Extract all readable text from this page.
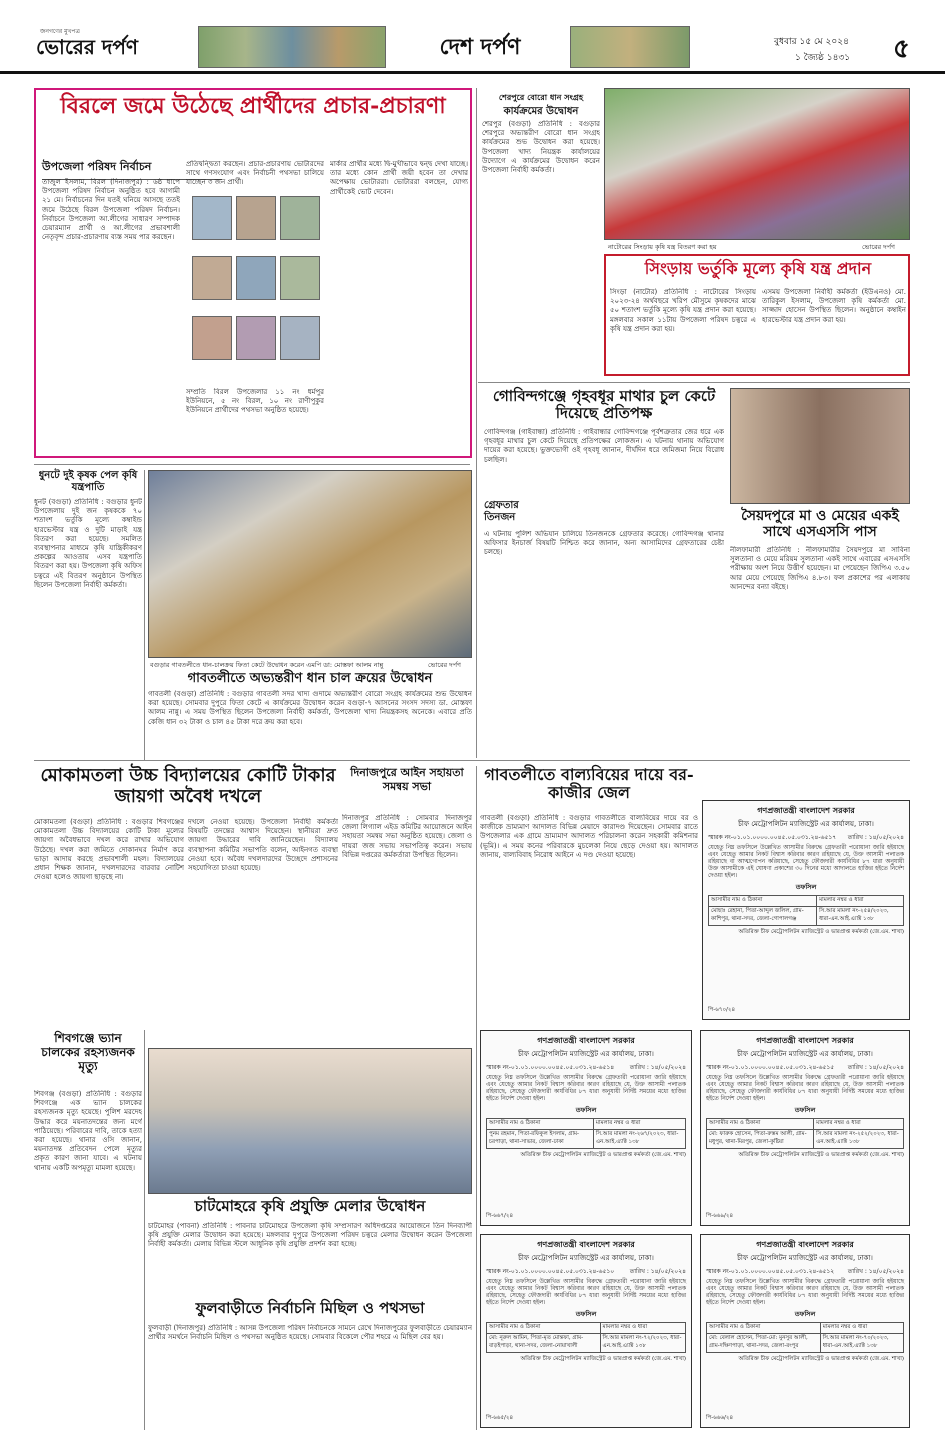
জনগণের মুখপত্র
ভোরের দর্পণ	দেশ দর্পণ	বুধবার ১৫ মে ২০২৪
১ জ্যৈষ্ঠ ১৪৩১ ৫
বিরলে জমে উঠেছে প্রার্থীদের প্রচার-প্রচারণা
উপজেলা পরিষদ নির্বাচন
তাজুল ইসলাম, বিরল (দিনাজপুর) : ৬ষ্ঠ ধাপে উপজেলা পরিষদ নির্বাচন অনুষ্ঠিত হবে আগামী ২১ মে। নির্বাচনের দিন যতই ঘনিয়ে আসছে ততই জমে উঠেছে বিরল উপজেলা পরিষদ নির্বাচন। নির্বাচনে উপজেলা আ.লীগের সাধারণ সম্পাদক চেয়ারম্যান প্রার্থী ও আ.লীগের প্রভাবশালী নেতৃবৃন্দ প্রচার-প্রচারণায় ব্যস্ত সময় পার করছেন।
প্রতিদ্বন্দ্বিতা করছেন। প্রচার-প্রচারণায় ভোটারদের সাথে গণসংযোগ এবং নির্বাচনী পথসভা চালিয়ে যাচ্ছেন ৩ জন প্রার্থী।
সম্প্রতি বিরল উপজেলার ১১ নং ধর্মপুর ইউনিয়নে, ৫ নং বিরল, ১০ নং রাণীপুকুর ইউনিয়নে প্রার্থীদের পথসভা অনুষ্ঠিত হয়েছে।
মার্কার প্রার্থীর মধ্যে দ্বি-মুখীভাবে দ্বন্দ্ব দেখা যাচ্ছে। তার মধ্যে কোন প্রার্থী জয়ী হবেন তা দেখার অপেক্ষায় ভোটাররা। ভোটাররা বলছেন, যোগ্য প্রার্থীকেই ভোট দেবেন।
শেরপুরে বোরো ধান সংগ্রহ
কার্যক্রমের উদ্বোধন
শেরপুর (বগুড়া) প্রতিনিধি : বগুড়ার শেরপুরে অভ্যন্তরীণ বোরো ধান সংগ্রহ কার্যক্রমের শুভ উদ্বোধন করা হয়েছে। উপজেলা খাদ্য নিয়ন্ত্রক কার্যালয়ের উদ্যোগে এ কার্যক্রমের উদ্বোধন করেন উপজেলা নির্বাহী কর্মকর্তা।
নাটোরের সিংড়ায় কৃষি যন্ত্র বিতরণ করা হয়	ভোরের দর্পণ
সিংড়ায় ভর্তুকি মূল্যে কৃষি যন্ত্র প্রদান
সিংড়া (নাটোর) প্রতিনিধি : নাটোরের সিংড়ায় ২০২৩-২৪ অর্থবছরে খরিপ মৌসুমে কৃষকদের মাঝে ৫০ শতাংশ ভর্তুকি মূল্যে কৃষি যন্ত্র প্রদান করা হয়েছে। মঙ্গলবার সকাল ১১টায় উপজেলা পরিষদ চত্বরে এ কৃষি যন্ত্র প্রদান করা হয়।
এসময় উপজেলা নির্বাহী কর্মকর্তা (ইউএনও) মো. তারিকুল ইসলাম, উপজেলা কৃষি কর্মকর্তা মো. সাজ্জাদ হোসেন উপস্থিত ছিলেন। অনুষ্ঠানে কম্বাইন হারভেস্টার যন্ত্র প্রদান করা হয়।
গোবিন্দগঞ্জে গৃহবধূর মাথার চুল কেটে দিয়েছে প্রতিপক্ষ
গোবিন্দগঞ্জ (গাইবান্ধা) প্রতিনিধি : গাইবান্ধার গোবিন্দগঞ্জে পূর্বশত্রুতার জের ধরে এক গৃহবধূর মাথার চুল কেটে দিয়েছে প্রতিপক্ষের লোকজন। এ ঘটনায় থানায় অভিযোগ দায়ের করা হয়েছে। ভুক্তভোগী ওই গৃহবধূ জানান, দীর্ঘদিন ধরে জমিজমা নিয়ে বিরোধ চলছিল।
গ্রেফতার তিনজন
এ ঘটনায় পুলিশ অভিযান চালিয়ে তিনজনকে গ্রেফতার করেছে। গোবিন্দগঞ্জ থানার অফিসার ইনচার্জ বিষয়টি নিশ্চিত করে জানান, অন্য আসামিদের গ্রেফতারের চেষ্টা চলছে।
সৈয়দপুরে মা ও মেয়ের একই সাথে এসএসসি পাস
নীলফামারী প্রতিনিধি : নীলফামারীর সৈয়দপুরে মা সাবিনা সুলতানা ও মেয়ে মরিয়ম সুলতানা একই সাথে এবারের এসএসসি পরীক্ষায় অংশ নিয়ে উত্তীর্ণ হয়েছেন। মা পেয়েছেন জিপিএ ৩.৫০ আর মেয়ে পেয়েছে জিপিএ ৪.৮৩। ফল প্রকাশের পর এলাকায় আনন্দের বন্যা বইছে।
ধুনটে দুই কৃষক পেল কৃষি যন্ত্রপাতি
ধুনট (বগুড়া) প্রতিনিধি : বগুড়ার ধুনট উপজেলায় দুই জন কৃষককে ৭০ শতাংশ ভর্তুকি মূল্যে কম্বাইন্ড হারভেস্টার যন্ত্র ও দুটি মাড়াই যন্ত্র বিতরণ করা হয়েছে। সমলিত ব্যবস্থাপনার মাধ্যমে কৃষি যান্ত্রিকীকরণ প্রকল্পের আওতায় এসব যন্ত্রপাতি বিতরণ করা হয়। উপজেলা কৃষি অফিস চত্বরে এই বিতরণ অনুষ্ঠানে উপস্থিত ছিলেন উপজেলা নির্বাহী কর্মকর্তা।
বগুড়ার গাবতলীতে ধান-চালক্রয় ফিতা কেটে উদ্বোধন করেন এমপি ডা: মোস্তফা আলম নান্নু	ভোরের দর্পণ
গাবতলীতে অভ্যন্তরীণ ধান চাল ক্রয়ের উদ্বোধন
গাবতলী (বগুড়া) প্রতিনিধি : বগুড়ার গাবতলী সদর খাদ্য গুদামে অভ্যন্তরীণ বোরো সংগ্রহ কার্যক্রমের শুভ উদ্বোধন করা হয়েছে। সোমবার দুপুরে ফিতা কেটে এ কার্যক্রমের উদ্বোধন করেন বগুড়া-৭ আসনের সংসদ সদস্য ডা. মোস্তফা আলম নান্নু। এ সময় উপস্থিত ছিলেন উপজেলা নির্বাহী কর্মকর্তা, উপজেলা খাদ্য নিয়ন্ত্রকসহ অনেকে। এবারে প্রতি কেজি ধান ৩২ টাকা ও চাল ৪৫ টাকা দরে ক্রয় করা হবে।
মোকামতলা উচ্চ বিদ্যালয়ের কোটি টাকার জায়গা অবৈধ দখলে
মোকামতলা (বগুড়া) প্রতিনিধি : বগুড়ার শিবগঞ্জের মোকামতলা উচ্চ বিদ্যালয়ের কোটি টাকা মূল্যের জায়গা অবৈধভাবে দখল করে রাখার অভিযোগ উঠেছে। দখল করা জমিতে দোকানঘর নির্মাণ করে ভাড়া আদায় করছে প্রভাবশালী মহল। বিদ্যালয়ের প্রধান শিক্ষক জানান, দখলদারদের বারবার নোটিশ দেওয়া হলেও জায়গা ছাড়ছে না।
দখলে নেওয়া হয়েছে। উপজেলা নির্বাহী কর্মকর্তা বিষয়টি তদন্তের আশ্বাস দিয়েছেন। স্থানীয়রা দ্রুত জায়গা উদ্ধারের দাবি জানিয়েছেন। বিদ্যালয় ব্যবস্থাপনা কমিটির সভাপতি বলেন, আইনগত ব্যবস্থা নেওয়া হবে। অবৈধ দখলদারদের উচ্ছেদে প্রশাসনের সহযোগিতা চাওয়া হয়েছে।
দিনাজপুরে আইন সহায়তা সমন্বয় সভা
দিনাজপুর প্রতিনিধি : সোমবার দিনাজপুর জেলা লিগ্যাল এইড কমিটির আয়োজনে আইন সহায়তা সমন্বয় সভা অনুষ্ঠিত হয়েছে। জেলা ও দায়রা জজ সভায় সভাপতিত্ব করেন। সভায় বিভিন্ন দপ্তরের কর্মকর্তারা উপস্থিত ছিলেন।
গাবতলীতে বাল্যবিয়ের দায়ে বর-কাজীর জেল
গাবতলী (বগুড়া) প্রতিনিধি : বগুড়ার গাবতলীতে বাল্যবিয়ের দায়ে বর ও কাজীকে ভ্রাম্যমাণ আদালত বিভিন্ন মেয়াদে কারাদণ্ড দিয়েছেন। সোমবার রাতে উপজেলার এক গ্রামে ভ্রাম্যমাণ আদালত পরিচালনা করেন সহকারী কমিশনার (ভূমি)। এ সময় কনের পরিবারকে মুচলেকা নিয়ে ছেড়ে দেওয়া হয়। আদালত জানায়, বাল্যবিবাহ নিরোধ আইনে এ দণ্ড দেওয়া হয়েছে।
শিবগঞ্জে ভ্যান চালকের রহস্যজনক মৃত্যু
শিবগঞ্জ (বগুড়া) প্রতিনিধি : বগুড়ার শিবগঞ্জে এক ভ্যান চালকের রহস্যজনক মৃত্যু হয়েছে। পুলিশ মরদেহ উদ্ধার করে ময়নাতদন্তের জন্য মর্গে পাঠিয়েছে। পরিবারের দাবি, তাকে হত্যা করা হয়েছে। থানার ওসি জানান, ময়নাতদন্ত প্রতিবেদন পেলে মৃত্যুর প্রকৃত কারণ জানা যাবে। এ ঘটনায় থানায় একটি অপমৃত্যু মামলা হয়েছে।
চাটমোহরে কৃষি প্রযুক্তি মেলার উদ্বোধন
চাটমোহর (পাবনা) প্রতিনিধি : পাবনার চাটমোহরে উপজেলা কৃষি সম্প্রসারণ অধিদপ্তরের আয়োজনে তিন দিনব্যাপী কৃষি প্রযুক্তি মেলার উদ্বোধন করা হয়েছে। মঙ্গলবার দুপুরে উপজেলা পরিষদ চত্বরে মেলার উদ্বোধন করেন উপজেলা নির্বাহী কর্মকর্তা। মেলায় বিভিন্ন স্টলে আধুনিক কৃষি প্রযুক্তি প্রদর্শন করা হচ্ছে।
ফুলবাড়ীতে নির্বাচনি মিছিল ও পথসভা
ফুলবাড়ী (দিনাজপুর) প্রতিনিধি : আসন্ন উপজেলা পরিষদ নির্বাচনকে সামনে রেখে দিনাজপুরের ফুলবাড়ীতে চেয়ারম্যান প্রার্থীর সমর্থনে নির্বাচনি মিছিল ও পথসভা অনুষ্ঠিত হয়েছে। সোমবার বিকেলে পৌর শহরে এ মিছিল বের হয়।
গণপ্রজাতন্ত্রী বাংলাদেশ সরকার
চীফ মেট্রোপলিটন ম্যাজিস্ট্রেট এর কার্যালয়, ঢাকা।
স্মারক নং-০১.০১.০০০০.০০৪৫.০৫.০৩১.২৪-৬৫১৭ তারিখ : ১৪/০৫/২০২৪
যেহেতু নিম্ন তফসিলে উল্লেখিত আসামীর বিরুদ্ধে গ্রেফতারী পরোয়ানা জারি হইয়াছে এবং যেহেতু আমার নিকট বিশ্বাস করিবার কারণ রহিয়াছে যে, উক্ত আসামী পলাতক রহিয়াছে বা আত্মগোপন করিয়াছে, সেহেতু ফৌজদারী কার্যবিধির ৮৭ ধারা অনুযায়ী উক্ত আসামীকে এই ঘোষণা প্রকাশের ৩০ দিনের মধ্যে আদালতে হাজির হইতে নির্দেশ দেওয়া হইল।
তফসিল
আসামীর নাম ও ঠিকানা	মামলার নম্বর ও ধারা
মোছাঃ রেহানা, পিতা-আব্দুল জলিল, গ্রাম-কাশিপুর, থানা-সদর, জেলা-গোপালগঞ্জ	সি.আর মামলা নং-২৫৪/২০২৩, ধারা-এন.আই.এ্যাক্ট ১৩৮
অতিরিক্ত চীফ মেট্রোপলিটন ম্যাজিস্ট্রেট ও ভারপ্রাপ্ত কর্মকর্তা (জে.এম. শাখা)
পি-৬৭০/২৪
গণপ্রজাতন্ত্রী বাংলাদেশ সরকার
চীফ মেট্রোপলিটন ম্যাজিস্ট্রেট এর কার্যালয়, ঢাকা।
স্মারক নং-০১.০১.০০০০.০০৪৫.০৫.০৩১.২৪-৬৫১৪	তারিখ : ১৪/০৫/২০২৪
যেহেতু নিম্ন তফসিলে উল্লেখিত আসামীর বিরুদ্ধে গ্রেফতারী পরোয়ানা জারি হইয়াছে এবং যেহেতু আমার নিকট বিশ্বাস করিবার কারণ রহিয়াছে যে, উক্ত আসামী পলাতক রহিয়াছে, সেহেতু ফৌজদারী কার্যবিধির ৮৭ ধারা অনুযায়ী নির্দিষ্ট সময়ের মধ্যে হাজির হইতে নির্দেশ দেওয়া হইল।
তফসিল
আসামীর নাম ও ঠিকানা	মামলার নম্বর ও ধারা
পুনম রহমান, পিতা-রফিকুল ইসলাম, গ্রাম-চরপাড়া, থানা-সাভার, জেলা-ঢাকা	সি.আর মামলা নং-২৬৭/২০২৩, ধারা-এন.আই.এ্যাক্ট ১৩৮
অতিরিক্ত চীফ মেট্রোপলিটন ম্যাজিস্ট্রেট ও ভারপ্রাপ্ত কর্মকর্তা (জে.এম. শাখা)
পি-৬৬৭/২৪
গণপ্রজাতন্ত্রী বাংলাদেশ সরকার
চীফ মেট্রোপলিটন ম্যাজিস্ট্রেট এর কার্যালয়, ঢাকা।
স্মারক নং-০১.০১.০০০০.০০৪৫.০৫.০৩১.২৪-৬৫১৫ তারিখ : ১৪/০৫/২০২৪
যেহেতু নিম্ন তফসিলে উল্লেখিত আসামীর বিরুদ্ধে গ্রেফতারী পরোয়ানা জারি হইয়াছে এবং যেহেতু আমার নিকট বিশ্বাস করিবার কারণ রহিয়াছে যে, উক্ত আসামী পলাতক রহিয়াছে, সেহেতু ফৌজদারী কার্যবিধির ৮৭ ধারা অনুযায়ী নির্দিষ্ট সময়ের মধ্যে হাজির হইতে নির্দেশ দেওয়া হইল।
তফসিল
আসামীর নাম ও ঠিকানা	মামলার নম্বর ও ধারা
মো: ফারুক হোসেন, পিতা-রুস্তম আলী, গ্রাম-মধুপুর, থানা-মিরপুর, জেলা-কুষ্টিয়া	সি.আর মামলা নং-২৫২/২০২৩, ধারা-এন.আই.এ্যাক্ট ১৩৮
অতিরিক্ত চীফ মেট্রোপলিটন ম্যাজিস্ট্রেট ও ভারপ্রাপ্ত কর্মকর্তা (জে.এম. শাখা)
পি-৬৬৯/২৪
গণপ্রজাতন্ত্রী বাংলাদেশ সরকার
চীফ মেট্রোপলিটন ম্যাজিস্ট্রেট এর কার্যালয়, ঢাকা।
স্মারক নং-০১.০১.০০০০.০০৪৫.০৫.০৩১.২৪-৬৫১০	তারিখ : ১৪/০৫/২০২৪
যেহেতু নিম্ন তফসিলে উল্লেখিত আসামীর বিরুদ্ধে গ্রেফতারী পরোয়ানা জারি হইয়াছে এবং যেহেতু আমার নিকট বিশ্বাস করিবার কারণ রহিয়াছে যে, উক্ত আসামী পলাতক রহিয়াছে, সেহেতু ফৌজদারী কার্যবিধির ৮৭ ধারা অনুযায়ী নির্দিষ্ট সময়ের মধ্যে হাজির হইতে নির্দেশ দেওয়া হইল।
তফসিল
আসামীর নাম ও ঠিকানা	মামলার নম্বর ও ধারা
মো: নূরুল আমিন, পিতা-মৃত মোন্তফা, গ্রাম-বাড়ইপাড়া, থানা-সদর, জেলা-নোয়াখালী	সি.আর মামলা নং-৭২/২০২৩, ধারা-এন.আই.এ্যাক্ট ১৩৮
অতিরিক্ত চীফ মেট্রোপলিটন ম্যাজিস্ট্রেট ও ভারপ্রাপ্ত কর্মকর্তা (জে.এম. শাখা)
পি-৬৬৫/২৪
গণপ্রজাতন্ত্রী বাংলাদেশ সরকার
চীফ মেট্রোপলিটন ম্যাজিস্ট্রেট এর কার্যালয়, ঢাকা।
স্মারক নং-০১.০১.০০০০.০০৪৫.০৫.০৩১.২৪-৬৫১২ তারিখ : ১৪/০৫/২০২৪
যেহেতু নিম্ন তফসিলে উল্লেখিত আসামীর বিরুদ্ধে গ্রেফতারী পরোয়ানা জারি হইয়াছে এবং যেহেতু আমার নিকট বিশ্বাস করিবার কারণ রহিয়াছে যে, উক্ত আসামী পলাতক রহিয়াছে, সেহেতু ফৌজদারী কার্যবিধির ৮৭ ধারা অনুযায়ী নির্দিষ্ট সময়ের মধ্যে হাজির হইতে নির্দেশ দেওয়া হইল।
তফসিল
আসামীর নাম ও ঠিকানা	মামলার নম্বর ও ধারা
মো: বেলাল হোসেন, পিতা-মো: মুনসুর আলী, গ্রাম-দক্ষিণপাড়া, থানা-সদর, জেলা-রংপুর	সি.আর মামলা নং-৭০/২০২৩, ধারা-এন.আই.এ্যাক্ট ১৩৮
অতিরিক্ত চীফ মেট্রোপলিটন ম্যাজিস্ট্রেট ও ভারপ্রাপ্ত কর্মকর্তা (জে.এম. শাখা)
পি-৬৬৬/২৪
